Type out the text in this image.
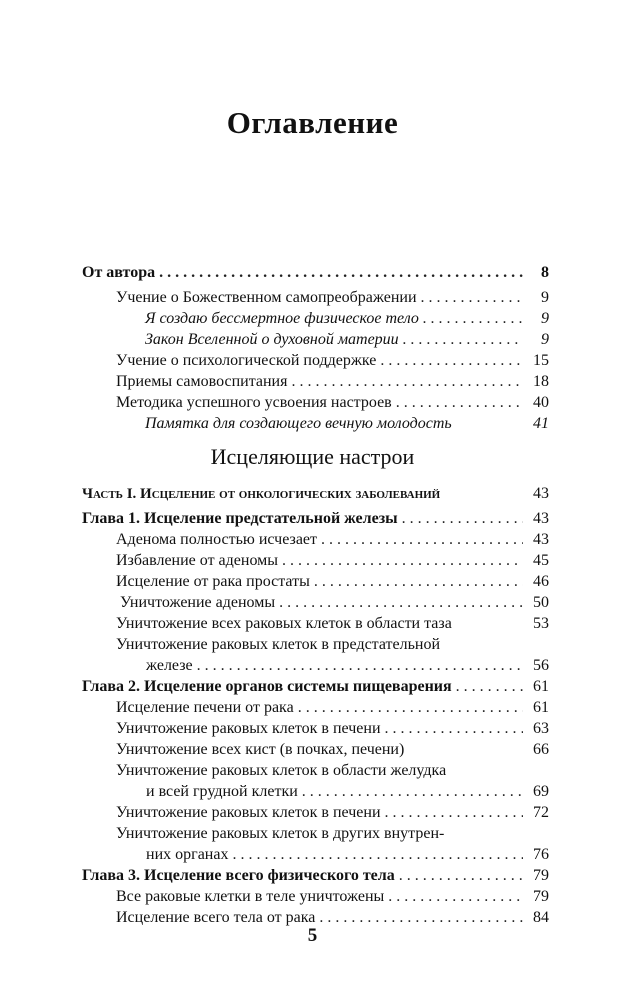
Оглавление
От автора . . .	8
Учение о Божественном самопреображении . . .	9
Я создаю бессмертное физическое тело . . .	9
Закон Вселенной о духовной материи . . .	9
Учение о психологической поддержке . . .	15
Приемы самовоспитания . . .	18
Методика успешного усвоения настроев . . .	40
Памятка для создающего вечную молодость	41
Исцеляющие настрои
Часть I. Исцеление от онкологических заболеваний	43
Глава 1. Исцеление предстательной железы . . .	43
Аденома полностью исчезает . . .	43
Избавление от аденомы . . .	45
Исцеление от рака простаты . . .	46
Уничтожение аденомы . . .	50
Уничтожение всех раковых клеток в области таза	53
Уничтожение раковых клеток в предстательной
железе . . .	56
Глава 2. Исцеление органов системы пищеварения . . .	61
Исцеление печени от рака . . .	61
Уничтожение раковых клеток в печени . . .	63
Уничтожение всех кист (в почках, печени)	66
Уничтожение раковых клеток в области желудка
и всей грудной клетки . . .	69
Уничтожение раковых клеток в печени . . .	72
Уничтожение раковых клеток в других внутрен-
них органах . . .	76
Глава 3. Исцеление всего физического тела . . .	79
Все раковые клетки в теле уничтожены . . .	79
Исцеление всего тела от рака . . .	84
5
